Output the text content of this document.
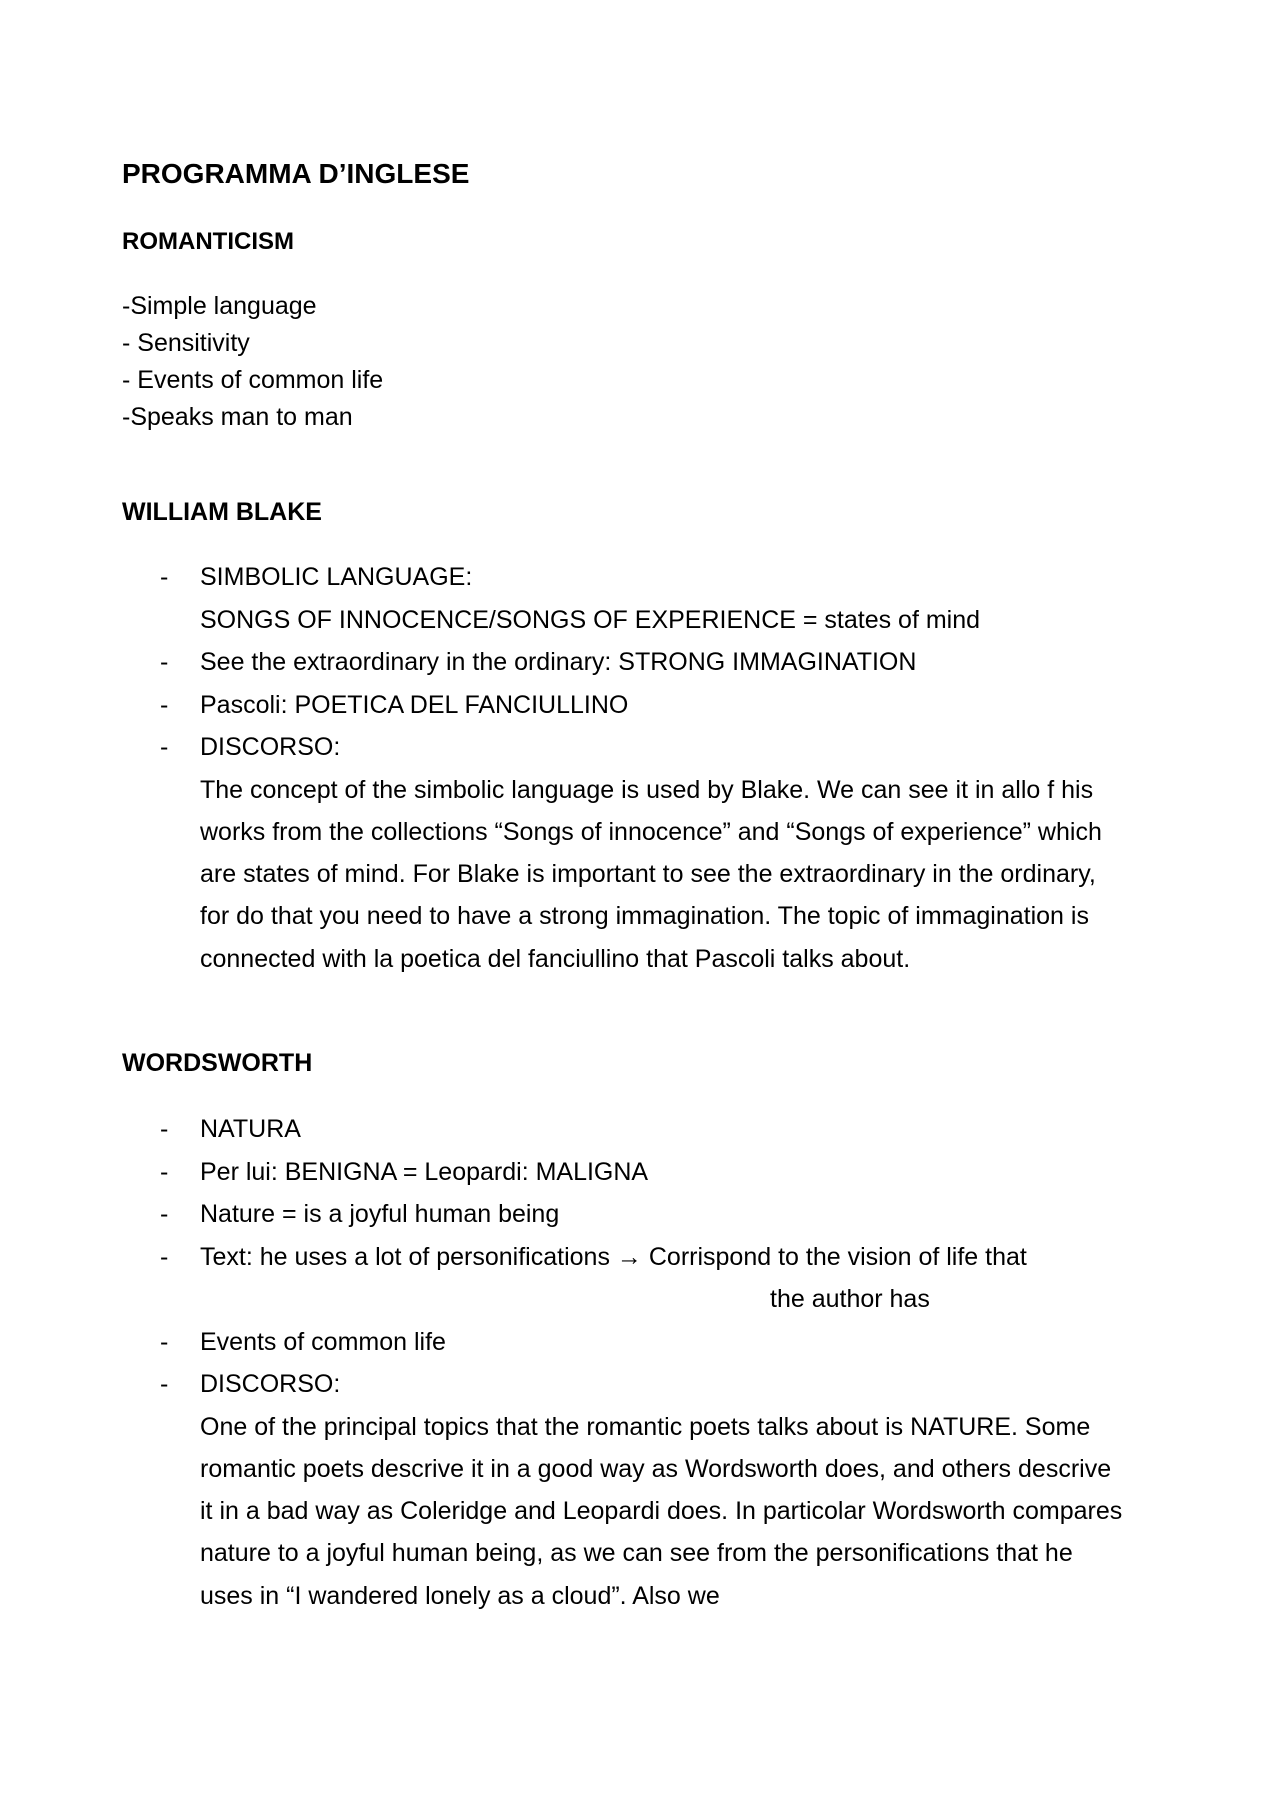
PROGRAMMA D’INGLESE
ROMANTICISM
-Simple language
- Sensitivity
- Events of common life
-Speaks man to man
WILLIAM BLAKE
- SIMBOLIC LANGUAGE:
SONGS OF INNOCENCE/SONGS OF EXPERIENCE = states of mind
- See the extraordinary in the ordinary: STRONG IMMAGINATION
- Pascoli: POETICA DEL FANCIULLINO
- DISCORSO:
The concept of the simbolic language is used by Blake. We can see it in allo f his works from the collections “Songs of innocence” and “Songs of experience” which are states of mind. For Blake is important to see the extraordinary in the ordinary, for do that you need to have a strong immagination. The topic of immagination is connected with la poetica del fanciullino that Pascoli talks about.
WORDSWORTH
- NATURA
- Per lui: BENIGNA = Leopardi: MALIGNA
- Nature = is a joyful human being
- Text: he uses a lot of personifications → Corrispond to the vision of life that
the author has
- Events of common life
- DISCORSO:
One of the principal topics that the romantic poets talks about is NATURE. Some romantic poets descrive it in a good way as Wordsworth does, and others descrive it in a bad way as Coleridge and Leopardi does. In particolar Wordsworth compares nature to a joyful human being, as we can see from the personifications that he uses in “I wandered lonely as a cloud”. Also we
